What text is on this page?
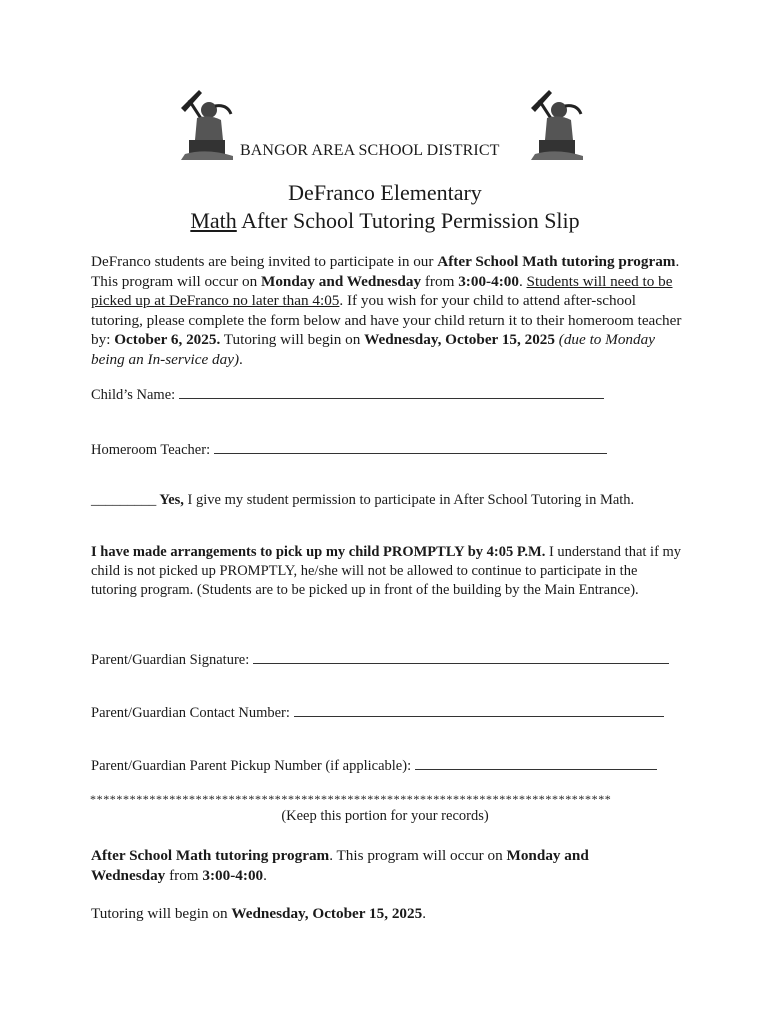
BANGOR AREA SCHOOL DISTRICT
DeFranco Elementary
Math After School Tutoring Permission Slip
DeFranco students are being invited to participate in our After School Math tutoring program. This program will occur on Monday and Wednesday from 3:00-4:00. Students will need to be picked up at DeFranco no later than 4:05. If you wish for your child to attend after-school tutoring, please complete the form below and have your child return it to their homeroom teacher by: October 6, 2025. Tutoring will begin on Wednesday, October 15, 2025 (due to Monday being an In-service day).
Child’s Name:
Homeroom Teacher:
_________ Yes, I give my student permission to participate in After School Tutoring in Math.
I have made arrangements to pick up my child PROMPTLY by 4:05 P.M. I understand that if my child is not picked up PROMPTLY, he/she will not be allowed to continue to participate in the tutoring program. (Students are to be picked up in front of the building by the Main Entrance).
Parent/Guardian Signature:
Parent/Guardian Contact Number:
Parent/Guardian Parent Pickup Number (if applicable):
*******************************************************************************
(Keep this portion for your records)
After School Math tutoring program. This program will occur on Monday and Wednesday from 3:00-4:00.
Tutoring will begin on Wednesday, October 15, 2025.
